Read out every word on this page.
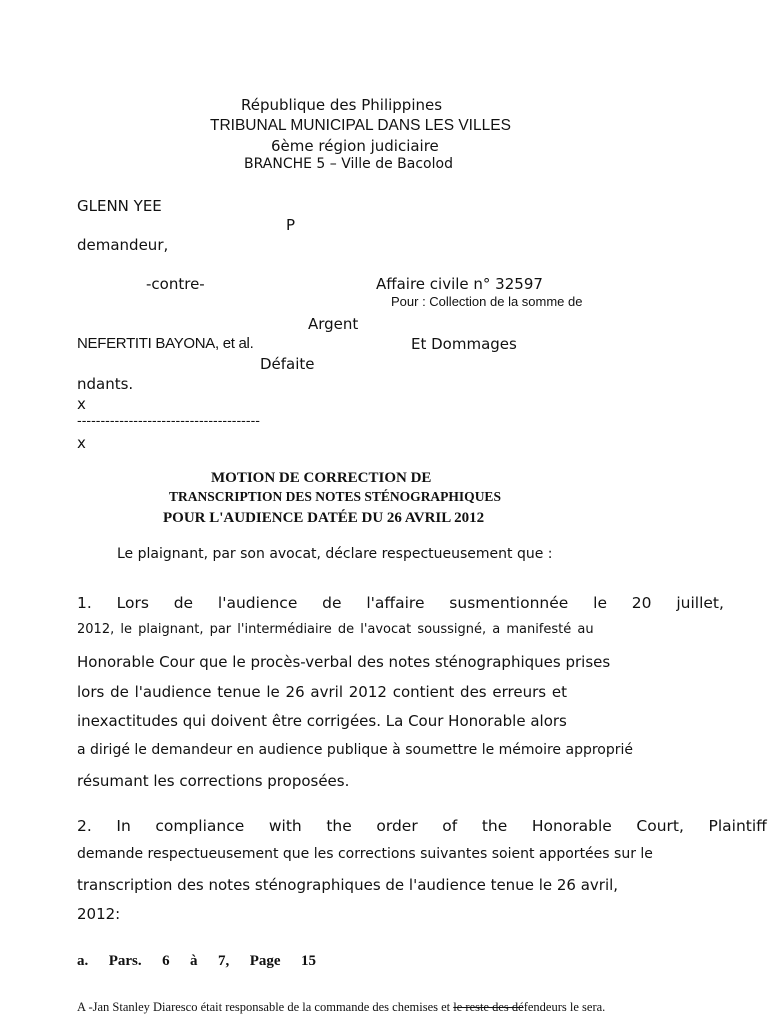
République des Philippines
TRIBUNAL MUNICIPAL DANS LES VILLES
6ème région judiciaire
BRANCHE 5 – Ville de Bacolod
GLENN YEE
P
demandeur,
-contre-	Affaire civile n° 32597
Pour : Collection de la somme de
Argent
NEFERTITI BAYONA, et al.	Et Dommages
Défaite
ndants.
x
---------------------------------------
x
MOTION DE CORRECTION DE
TRANSCRIPTION DES NOTES STÉNOGRAPHIQUES
POUR L'AUDIENCE DATÉE DU 26 AVRIL 2012
Le plaignant, par son avocat, déclare respectueusement que :
1. Lors de l'audience de l'affaire susmentionnée le 20 juillet,
2012, le plaignant, par l'intermédiaire de l'avocat soussigné, a manifesté au
Honorable Cour que le procès-verbal des notes sténographiques prises
lors de l'audience tenue le 26 avril 2012 contient des erreurs et
inexactitudes qui doivent être corrigées. La Cour Honorable alors
a dirigé le demandeur en audience publique à soumettre le mémoire approprié
résumant les corrections proposées.
2. In compliance with the order of the Honorable Court, Plaintiff
demande respectueusement que les corrections suivantes soient apportées sur le
transcription des notes sténographiques de l'audience tenue le 26 avril,
2012:
a. Pars. 6 à 7, Page 15
A -Jan Stanley Diaresco était responsable de la commande des chemises et le reste des défendeurs le sera.
